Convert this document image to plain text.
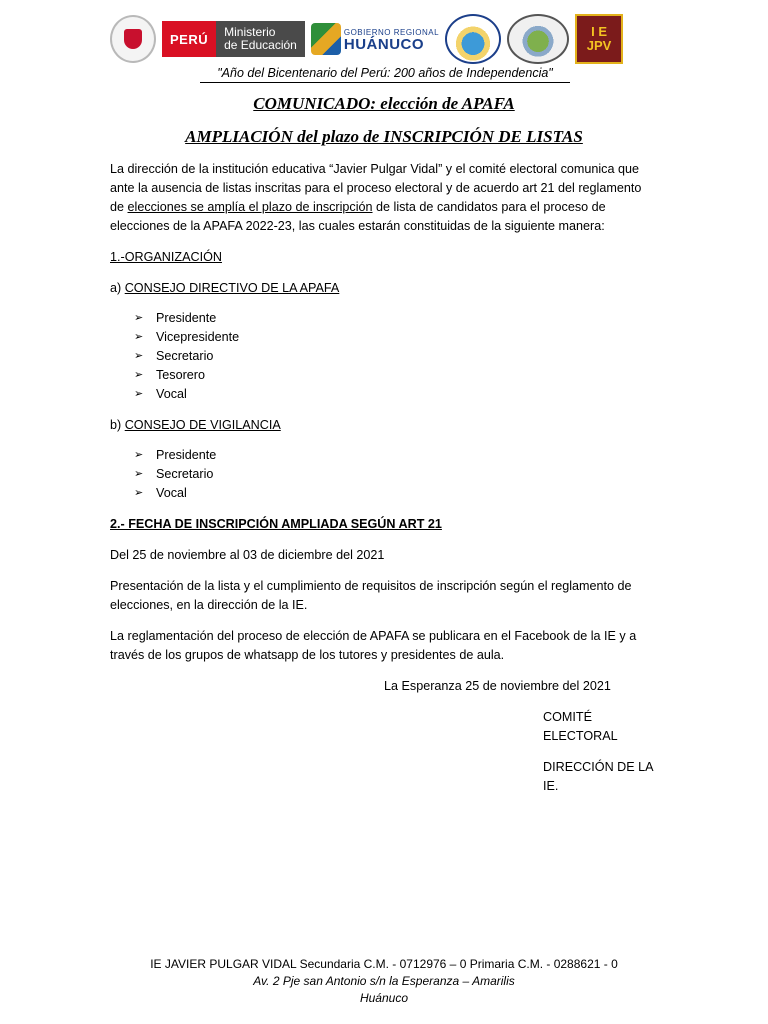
PERÚ	Ministerio
de Educación
GOBIERNO REGIONAL
HUÁNUCO
I E
JPV
"Año del Bicentenario del Perú: 200 años de Independencia"
COMUNICADO: elección de APAFA
AMPLIACIÓN del plazo de INSCRIPCIÓN DE LISTAS

La dirección de la institución educativa “Javier Pulgar Vidal” y el comité electoral comunica que ante la ausencia de listas inscritas para el proceso electoral y de acuerdo art 21 del reglamento de elecciones se amplía el plazo de inscripción de lista de candidatos para el proceso de elecciones de la APAFA 2022-23, las cuales estarán constituidas de la siguiente manera:

1.-ORGANIZACIÓN

a) CONSEJO DIRECTIVO DE LA APAFA

➢	Presidente
➢	Vicepresidente
➢	Secretario
➢	Tesorero
➢	Vocal

b) CONSEJO DE VIGILANCIA

➢	Presidente
➢	Secretario
➢	Vocal

2.- FECHA DE INSCRIPCIÓN AMPLIADA SEGÚN ART 21

Del 25 de noviembre al 03 de diciembre del 2021

Presentación de la lista y el cumplimiento de requisitos de inscripción según el reglamento de elecciones, en la dirección de la IE.

La reglamentación del proceso de elección de APAFA se publicara en el Facebook de la IE y a través de los grupos de whatsapp de los tutores y presidentes de aula.

La Esperanza 25 de noviembre del 2021

COMITÉ ELECTORAL

DIRECCIÓN DE LA IE.

IE JAVIER PULGAR VIDAL Secundaria C.M. - 0712976 – 0 Primaria C.M. - 0288621 - 0
Av. 2 Pje san Antonio s/n la Esperanza – Amarilis
Huánuco
